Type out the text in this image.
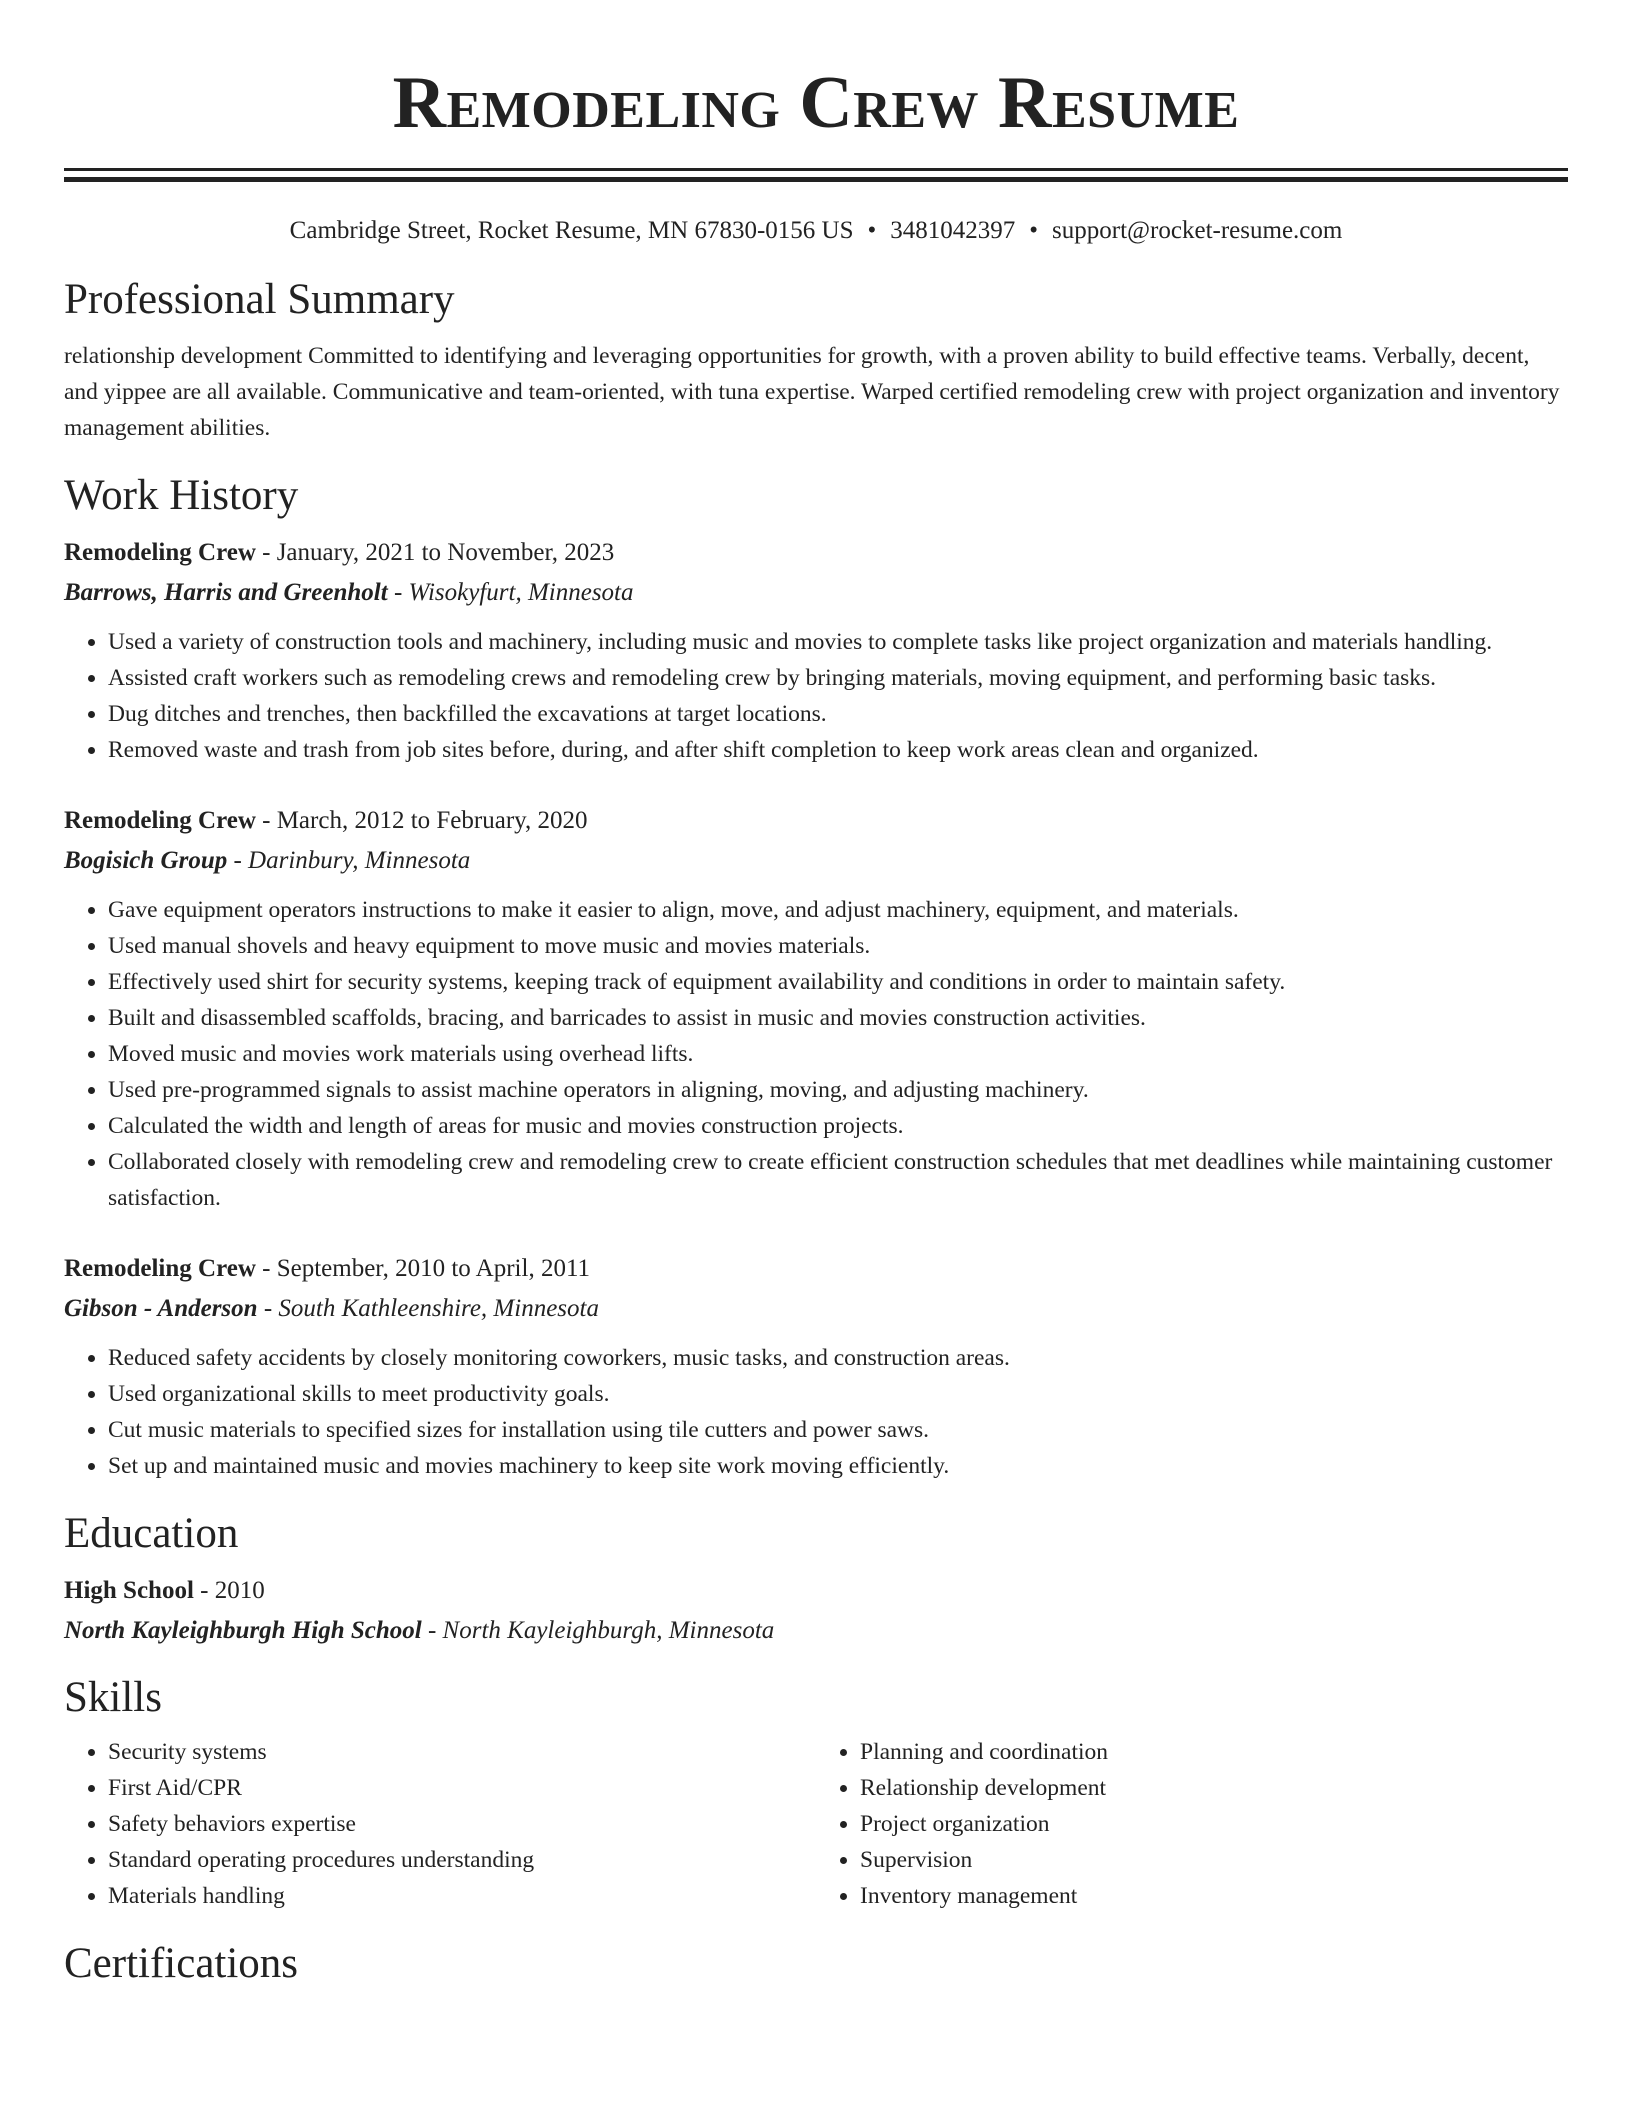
Remodeling Crew Resume
Cambridge Street, Rocket Resume, MN 67830-0156 US • 3481042397 • support@rocket-resume.com
Professional Summary

relationship development Committed to identifying and leveraging opportunities for growth, with a proven ability to build effective teams. Verbally, decent, and yippee are all available. Communicative and team-oriented, with tuna expertise. Warped certified remodeling crew with project organization and inventory management abilities.

Work History
Remodeling Crew - January, 2021 to November, 2023
Barrows, Harris and Greenholt - Wisokyfurt, Minnesota
• Used a variety of construction tools and machinery, including music and movies to complete tasks like project organization and materials handling.
• Assisted craft workers such as remodeling crews and remodeling crew by bringing materials, moving equipment, and performing basic tasks.
• Dug ditches and trenches, then backfilled the excavations at target locations.
• Removed waste and trash from job sites before, during, and after shift completion to keep work areas clean and organized.
Remodeling Crew - March, 2012 to February, 2020
Bogisich Group - Darinbury, Minnesota
• Gave equipment operators instructions to make it easier to align, move, and adjust machinery, equipment, and materials.
• Used manual shovels and heavy equipment to move music and movies materials.
• Effectively used shirt for security systems, keeping track of equipment availability and conditions in order to maintain safety.
• Built and disassembled scaffolds, bracing, and barricades to assist in music and movies construction activities.
• Moved music and movies work materials using overhead lifts.
• Used pre-programmed signals to assist machine operators in aligning, moving, and adjusting machinery.
• Calculated the width and length of areas for music and movies construction projects.
• Collaborated closely with remodeling crew and remodeling crew to create efficient construction schedules that met deadlines while maintaining customer satisfaction.
Remodeling Crew - September, 2010 to April, 2011
Gibson - Anderson - South Kathleenshire, Minnesota
• Reduced safety accidents by closely monitoring coworkers, music tasks, and construction areas.
• Used organizational skills to meet productivity goals.
• Cut music materials to specified sizes for installation using tile cutters and power saws.
• Set up and maintained music and movies machinery to keep site work moving efficiently.
Education
High School - 2010
North Kayleighburgh High School - North Kayleighburgh, Minnesota
Skills
• Security systems
• First Aid/CPR
• Safety behaviors expertise
• Standard operating procedures understanding
• Materials handling
• Planning and coordination
• Relationship development
• Project organization
• Supervision
• Inventory management
Certifications
